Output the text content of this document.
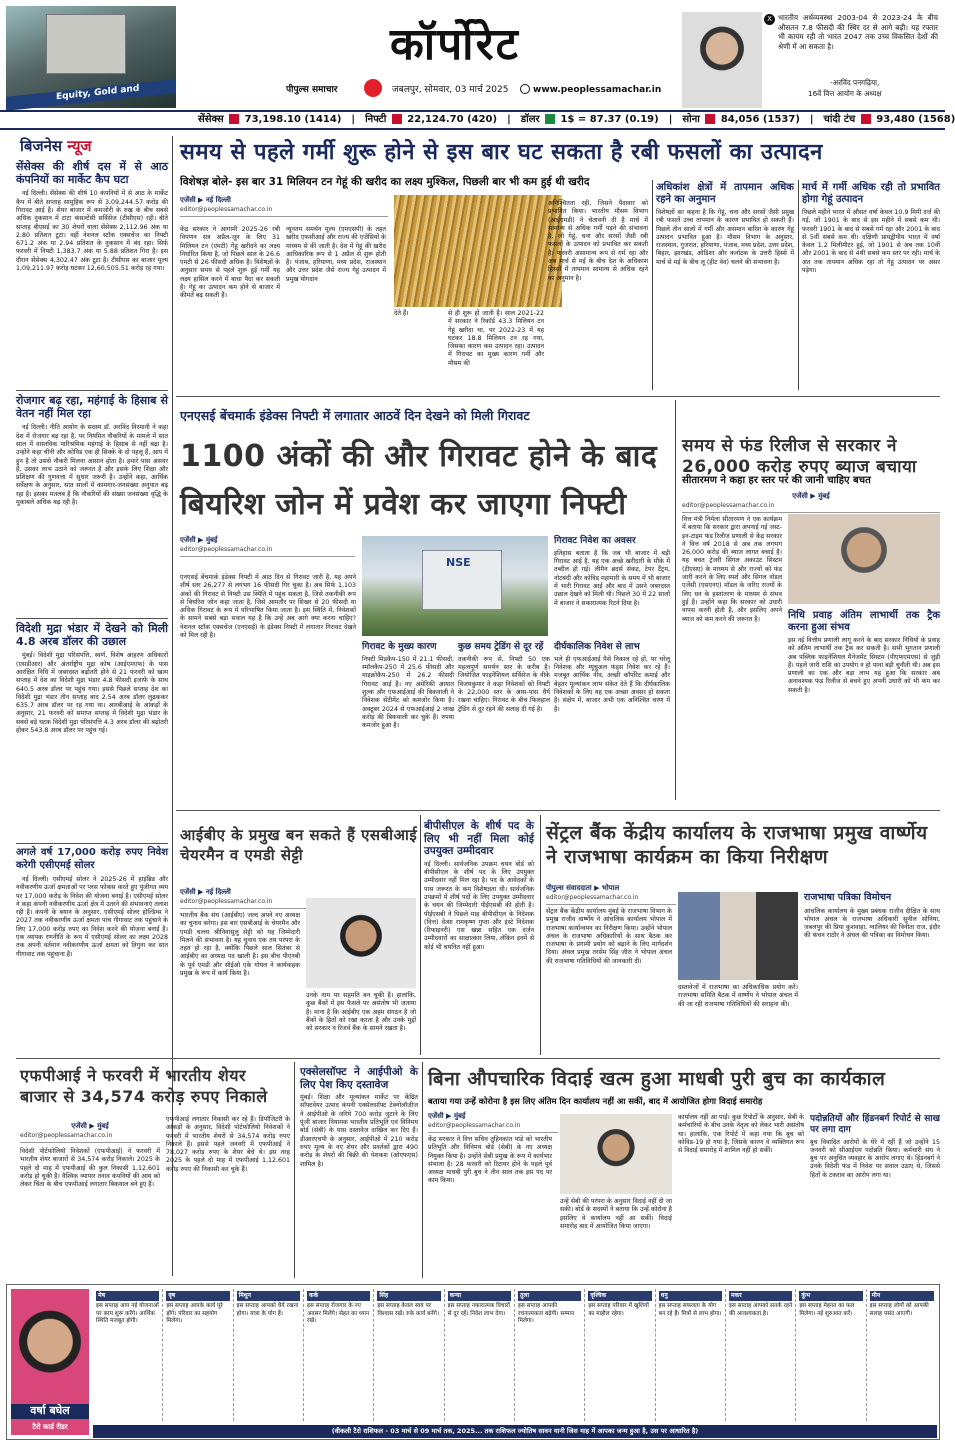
Equity, Gold and
कॉर्पोरेट
पीपुल्स समाचार	जबलपुर, सोमवार, 03 मार्च 2025	www.peoplessamachar.in
X भारतीय अर्थव्यवस्था 2003-04 से 2023-24 के बीच औसतन 7.8 फीसदी की स्थिर दर से आगे बढ़ी। यह रफ्तार भी कायम रही तो भारत 2047 तक उच्च विकसित देशों की श्रेणी में आ सकता है।
-अरविंद पनगढ़िया,
16वें वित्त आयोग के अध्यक्ष
सेंसेक्स 73,198.10 (1414) | निफ्टी 22,124.70 (420) | डॉलर 1$ = 87.37 (0.19) | सोना 84,056 (1537) | चांदी टंच 93,480 (1568)
बिजनेस न्यूज
सेंसेक्स की शीर्ष दस में से आठ कंपनियों का मार्केट कैप घटा

नई दिल्ली। सेंसेक्स की शीर्ष 10 कंपनियों में से आठ के मार्केट कैप में बीते सप्ताह सामूहिक रूप से 3,09,244.57 करोड़ की गिरावट आई है। शेयर बाजार में कमजोरी के रुख के बीच सबसे अधिक नुकसान में टाटा कंसल्टेंसी सर्विसेज (टीसीएस) रही। बीते सप्ताह बीएसई का 30 शेयरों वाला सेंसेक्स 2,112.96 अंक या 2.80 प्रतिशत टूटा। वहीं नेशनल स्टॉक एक्सचेंज का निफ्टी 671.2 अंक या 2.94 प्रतिशत के नुकसान में बंद रहा। सिर्फ फरवरी में निफ्टी 1,383.7 अंक या 5.88 प्रतिशत गिरा है। इस दौरान सेंसेक्स 4,302.47 अंक टूटा है। टीसीएस का बाजार मूल्य 1,09,211.97 करोड़ घटकर 12,60,505.51 करोड़ रह गया।

रोजगार बढ़ रहा, महंगाई के हिसाब से वेतन नहीं मिल रहा

नई दिल्ली। नीति आयोग के सदस्य डॉ. अरविंद विरमानी ने कहा देश में रोजगार बढ़ रहा है, पर नियमित नौकरियों के मामले में सात साल में वास्तविक पारिश्रमिक महंगाई के हिसाब से नहीं बढ़ा है। उन्होंने कहा चीनी और कोविड एक ही सिक्के के दो पहलू हैं, आप में हुन है तो उससे नौकरी मिलना आसान होता है। हमारे पास असवर हैं, उसका लाभ उठाने को जरूरत है और इसके लिए शिक्षा और प्रशिक्षण की गुणवत्ता में सुधार जरूरी है। उन्होंने कहा, आर्थिक सर्वेक्षण के अनुसार, सात सालों में कामगार-जनसंख्या अनुपात बढ़ रहा है। इसका मतलब है कि नौकरियों की संख्या जनसंख्या वृद्धि के मुकाबले अधिक बढ़ रही है।

विदेशी मुद्रा भंडार में देखने को मिली 4.8 अरब डॉलर की उछाल

मुंबई। विदेशी मुद्रा परिसंपत्ति, स्वर्ण, विशेष आहरण अधिकारों (एसडीआर) और अंतर्राष्ट्रीय मुद्रा कोष (आईएमएफ) के पास आरक्षित निधि में जबरदस्त बढ़ोतरी होने से 21 फरवरी को खत्म सप्ताह में देश का विदेशी मुद्रा भंडार 4.8 फीसदी इजाफे के साथ 640.5 अरब डॉलर पर पहुंच गया। इससे पिछले सप्ताह देश का विदेशी मुद्रा भंडार तीन सप्ताह बाद 2.54 अरब डॉलर लुढ़ककर 635.7 अरब डॉलर पर रह गया था। आरबीआई के आंकड़ों के अनुसार, 21 फरवरी को समाप्त सप्ताह में विदेशी मुद्रा भंडार के सबसे बड़े घटक विदेशी मुद्रा परिसंपत्ति 4.3 अरब डॉलर की बढ़ोतरी होकर 543.8 अरब डॉलर पर पहुंच गई।

अगले वर्ष 17,000 करोड़ रुपए निवेश करेगी एसीएमई सोलर

नई दिल्ली। एसीएमई सोलर ने 2025-26 में हाइब्रिड और नवीकरणीय ऊर्जा क्षमताओं पर प्लस फोकस करते हुए पूंजीगत व्यय पर 17,000 करोड़ के निवेश की योजना बनाई है। एसीएमई सोलर ने कहा कंपनी नवीकरणीय ऊर्जा क्षेत्र में उतरने की संभावनाएं तलाश रही है। कंपनी के बयान के अनुसार, एसीएमई सोलर होल्डिंग्स ने 2027 तक नवीकरणीय ऊर्जा क्षमता पांच गीगावाट तक पहुंचाने के लिए 17,000 करोड़ रुपए का निवेश करने की योजना बनाई है। एक व्यापक रणनीति के रूप में एसीएमई सोलर का लक्ष्य 2028 तक अपनी वर्तमान नवीकरणीय ऊर्जा क्षमता को तिगुना कर सात गीगावाट तक पहुंचाना है।

समय से पहले गर्मी शुरू होने से इस बार घट सकता है रबी फसलों का उत्पादन
विशेषज्ञ बोले- इस बार 31 मिलियन टन गेहूं की खरीद का लक्ष्य मुश्किल, पिछली बार भी कम हुई थी खरीद
एजेंसी ▶ नई दिल्ली
editor@peoplessamachar.co.in
केंद्र सरकार ने आगामी 2025-26 रबी विपणन सत्र अप्रैल-जून के लिए 31 मिलियन टन (एमटी) गेहूं खरीदने का लक्ष्य निर्धारित किया है, जो पिछले साल के 26.6 एमटी से 26 फीसदी अधिक है। विशेषज्ञों के अनुसार समय से पहले शुरू हुई गर्मी यह लक्ष्य हासिल करने में बाधा पैदा कर सकती है। गेहूं का उत्पादन कम होने से बाजार में कीमतें बढ़ सकती हैं।
न्यूनतम समर्थन मूल्य (एमएसपी) के तहत खरीद एफसीआई और राज्य की एजेंसियों के माध्यम से की जाती है। देश में गेहूं की खरीद आधिकारिक रूप से 1 अप्रैल से शुरू होती है। पंजाब, हरियाणा, मध्य प्रदेश, राजस्थान और उत्तर प्रदेश जैसे राज्य गेहूं उत्पादन में प्रमुख योगदान
देते हैं।	से ही शुरू हो जाती है। साल 2021-22 में सरकार ने रिकॉर्ड 43.3 मिलियन टन गेहूं खरीदा था, पर 2022-23 में यह घटकर 18.8 मिलियन टन रह गया, जिसका कारण कम उत्पादन रहा। उत्पादन में गिरावट का मुख्य कारण गर्मी और मौसम की
अनिश्चितता रही, जिसने पैदावार को प्रभावित किया। भारतीय मौसम विभाग (आईएमडी) ने चेतावनी दी है मार्च में सामान्य से अधिक गर्मी पड़ने की संभावना है, जो गेहूं, चना और सरसों जैसी रबी फसलों के उत्पादन को प्रभावित कर सकती है। फरवरी असामान्य रूप से गर्म रहा और अब मार्च से मई के बीच देश के अधिकांश हिस्सों में तापमान सामान्य से अधिक रहने का अनुमान है।
अधिकांश क्षेत्रों में तापमान अधिक रहने का अनुमान
विशेषज्ञों का कहना है कि गेहूं, चना और सरसों जैसी प्रमुख रबी फसलें उच्च तापमान के कारण प्रभावित हो सकती हैं। पिछले तीन सालों में गर्मी और असमान बारिश के कारण गेहूं उत्पादन प्रभावित हुआ है। मौसम विभाग के अनुसार, राजस्थान, गुजरात, हरियाणा, पंजाब, मध्य प्रदेश, उत्तर प्रदेश, बिहार, झारखंड, ओडिशा और कर्नाटक के उत्तरी हिस्से में मार्च से मई के बीच लू (हीट वेव) चलने की संभावना है।
मार्च में गर्मी अधिक रही तो प्रभावित होगा गेहूं उत्पादन
पिछले महीने भारत में औसत वर्षा केवल 10.9 मिमी दर्ज की गई, जो 1901 के बाद से इस महीने में सबसे कम थी। फरवरी 1901 के बाद से सबसे गर्म रहा और 2001 के बाद से 5वीं सबसे कम थी। दक्षिणी प्रायद्वीपीय भारत में वर्षा केवल 1.2 मिलीमीटर हुई, जो 1901 से अब तक 10वीं और 2001 के बाद से 4थी सबसे कम स्तर पर रही। मार्च के अंत तक तापमान अधिक रहा तो गेहूं उत्पादन पर असर पड़ेगा।
एनएसई बेंचमार्क इंडेक्स निफ्टी में लगातार आठवें दिन देखने को मिली गिरावट
1100 अंकों की और गिरावट होने के बाद
बियरिश जोन में प्रवेश कर जाएगा निफ्टी
एजेंसी ▶ मुंबई
editor@peoplessamachar.co.in
एनएसई बेंचमार्क इंडेक्स निफ्टी में आठ दिन से गिरावट जारी है, यह अपने शीर्ष स्तर 26,277 से लगभग 16 फीसदी गिर चुका है। अब सिर्फ 1,103 अंकों की गिरावट से निफ्टी उस स्थिति में पहुंच सकता है, जिसे तकनीकी रूप से बियरिश जोन कहा जाता है, जिसे आमतौर पर शिखर से 20 फीसदी या अधिक गिरावट के रूप में परिभाषित किया जाता है। इस स्थिति में, निवेशकों के सामने सबसे बड़ा सवाल यह है कि उन्हें अब आगे क्या करना चाहिए? नेशनल स्टॉक एक्सचेंज (एनएसई) के इंडेक्स निफ्टी में लगातार गिरावट देखने को मिल रही है।
NSE
गिरावट निवेश का अवसर
इतिहास बताता है कि जब भी बाजार में बड़ी गिरावट आई है, यह एक अच्छे खरीदारी के मौके में तब्दील हो गई। लीमैन ब्रदर्स संकट, टेपर टैंट्रम, नोटबंदी और कोविड महामारी के समय में भी बाजार में भारी गिरावट आई और बाद में उसने जबरदस्त उछाल देखने को मिली थी। पिछले 30 में 22 सालों में बाजार ने सकारात्मक रिटर्न दिया है।
गिरावट के मुख्य कारण
निफ्टी मिडकैप-150 में 21.1 फीसदी, स्मॉलकैप-250 में 25.6 फीसदी और माइक्रोकैप-250 में 26.2 फीसदी गिरावट आई है। नए अमेरिकी आयात शुल्क और एफआईआई की बिकवाली ने निवेशक सेंटीमेंट को कमजोर किया है। अक्टूबर 2024 से एफआईआई 2 लाख करोड़ की बिकवाली कर चुके हैं। रुपया कमजोर हुआ है।
कुछ समय ट्रेडिंग से दूर रहें
तकनीकी रूप से, निफ्टी 50 एक महत्वपूर्ण समर्थन स्तर के करीब है। जियोजित फाइनेंशियल सर्विसेज के वीके विजयकुमार ने कहा निवेशकों को निफ्टी के 22,000 स्तर के आस-पास धैर्य रखना चाहिए। गिरावट के बीच फिलहाल ट्रेडिंग से दूर रहने की सलाह दी गई है।
दीर्घकालिक निवेश से लाभ
भले ही एफआईआई पैसे निकाल रहे हों, पर घरेलू निवेशक और म्यूचुअल फंड्स निवेश कर रहे हैं। मजबूत आर्थिक नींव, अच्छी कॉर्पोरेट कमाई और बेहतर मूल्यांकन लाभ संकेत देते हैं कि दीर्घकालिक निवेशकों के लिए यह एक अच्छा अवसर हो सकता है। संक्षेप में, बाजार अभी एक अनिश्चित चरण में है।
समय से फंड रिलीज से सरकार ने 26,000 करोड़ रुपए ब्याज बचाया
सीतारमण ने कहा हर स्तर पर की जानी चाहिए बचत
एजेंसी ▶ मुंबई
editor@peoplessamachar.co.in
वित्त मंत्री निर्मला सीतारमण ने एक कार्यक्रम में बताया कि सरकार द्वारा अपनाई गई जस्ट-इन-टाइम फंड रिलीज प्रणाली से केंद्र सरकार ने वित्त वर्ष 2018 से अब तक लगभग 26,000 करोड़ की ब्याज लागत बचाई है। यह बचत ट्रेजरी सिंगल अकाउंट सिस्टम (टीएसए) के माध्यम से और राज्यों को फंड जारी करने के लिए स्पर्श और सिंगल नोडल एजेंसी (एसएनए) मॉडल के जरिए राज्यों के लिए धन के हस्तांतरण के माध्यम से संभव हुई है। उन्होंने कहा कि सरकार को उधारी वापस करनी होती है, और इसलिए अपने ब्याज को कम करने की जरूरत है।	निधि प्रवाह अंतिम लाभार्थी तक ट्रैक करना हुआ संभव
इस नई वित्तीय प्रणाली लागू करने के बाद सरकार निधियों के प्रवाह को अंतिम लाभार्थी तक ट्रैक कर सकती है। सभी भुगतान प्रणाली अब पब्लिक फाइनेंशियल मैनेजमेंट सिस्टम (पीएफएमएस) से जुड़ी हैं। पहले जारी राशि का उपयोग न हो पाना बड़ी चुनौती थी। अब इस प्रणाली का एक और बड़ा लाभ यह हुआ कि सरकार अब अनावश्यक फंड रिलीज से बचने हुए अपनी उधारी को भी कम कर सकती है।
आईबीए के प्रमुख बन सकते हैं एसबीआई चेयरमैन व एमडी सेट्टी
एजेंसी ▶ नई दिल्ली
editor@peoplessamachar.co.in
भारतीय बैंक संघ (आईबीए) जल्द अपने नए अध्यक्ष का चुनाव करेगा। इस बार एसबीआई के चेयरमैन और एमडी चल्ला श्रीनिवासुलु सेट्टी को यह जिम्मेदारी मिलने की संभावना है। यह चुनाव एक तय परंपरा के तहत हो रहा है, क्योंकि पिछले साल सितंबर से आईबीए का अध्यक्ष पद खाली है। इस बीच पीएनबी के पूर्व एमडी और सीईओ एके गोयल ने कार्यवाहक प्रमुख के रूप में कार्य किया है।
उनके नाम पर सहमति बन चुकी है। हालांकि, कुछ बैंकों में इस फैसले पर असंतोष भी जताया है। माना है कि आईबीए एक अहम संगठन है जो बैंकों के हितों को रखा करता है और उनके मुद्दों को सरकार व रिजर्व बैंक के सामने रखता है।
बीपीसीएल के शीर्ष पद के लिए भी नहीं मिला कोई उपयुक्त उम्मीदवार
नई दिल्ली। सार्वजनिक उपक्रम चयन बोर्ड को बीपीसीएल के शीर्ष पद के लिए उपयुक्त उम्मीदवार नहीं मिल रहा है। पद के आवेदकों के पास जरूरत के कम विशेषज्ञता थी। सार्वजनिक उपक्रमों में शीर्ष पदों के लिए उपयुक्त उम्मीदवार के चयन की जिम्मेदारी पीईएसबी की होती है। पीईएसबी ने पिछले माह बीपीसीएल के निदेशक (वित्त) वेत्सा रामकृष्ण गुप्ता और इंस्टे निदेशक (रिफाइनरी) एस खन्ना सहित एक दर्जन उम्मीदवारों का साक्षात्कार लिया, लेकिन इनमें से कोई भी चयनित नहीं हुआ।
सेंट्रल बैंक केंद्रीय कार्यालय के राजभाषा प्रमुख वार्ष्णेय ने राजभाषा कार्यक्रम का किया निरीक्षण
पीपुल्स संवाददाता ▶ भोपाल
editor@peoplessamachar.co.in
सेंट्रल बैंक केंद्रीय कार्यालय मुंबई के राजभाषा विभाग के प्रमुख राजीव वार्ष्णेय ने आंचलिक कार्यालय भोपाल में राजभाषा कार्यान्वयन का निरीक्षण किया। उन्होंने भोपाल अंचल के राजभाषा अधिकारियों के साथ बैठक कर राजभाषा के प्रगामी प्रयोग को बढ़ाने के लिए मार्गदर्शन दिया। अंचल प्रमुख तरसेम सिंह जीरा ने भोपाल अंचल की राजभाषा गतिविधियों की जानकारी दी।
दस्तावेजों में राजभाषा का अधिकाधिक प्रयोग करें। राजभाषा समिति बैठक में वार्ष्णेय ने भोपाल अंचल में की जा रही राजभाषा गतिविधियों की सराहना की।
राजभाषा पत्रिका विमोचन
आंचलिक कार्यालय के मुख्य प्रबंधक राजीव दीक्षित के साथ भोपाल अंचल के राजभाषा अधिकारी सुनील सोनिया, जबलपुर की प्रिया कुशवाहा, ग्वालियर की विनीता राज, इंदौर की कंचन राठौर ने अंचल की पत्रिका का विमोचन किया।
एफपीआई ने फरवरी में भारतीय शेयर बाजार से 34,574 करोड़ रुपए निकाले
एजेंसी ▶ मुंबई
editor@peoplessamachar.co.in
विदेशी पोर्टफोलियो निवेशकों (एफपीआई) ने फरवरी में भारतीय शेयर बाजारों से 34,574 करोड़ निकाले। 2025 के पहले दो माह में एफपीआई की कुल निकासी 1,12,601 करोड़ हो चुकी है। वैश्विक व्यापार तनाव कंपनियों की आय को लेकर चिंता के बीच एफपीआई लगातार बिकवाल बने हुए हैं।
एफपीआई लगातार निकासी कर रहे हैं। डिपॉजिटरी के आंकड़ों के अनुसार, विदेशी पोर्टफोलियो निवेशकों ने फरवरी में भारतीय शेयरों से 34,574 करोड़ रुपए निकाले हैं। इससे पहले जनवरी में एफपीआई ने 78,027 करोड़ रुपए के शेयर बेचे थे। इस तरह 2025 के पहले दो माह में एफपीआई 1,12,601 करोड़ रुपए की निकासी कर चुके हैं।
एक्सेलसॉफ्ट ने आईपीओ के लिए पेश किए दस्तावेज
मुंबई। शिक्षा और मूल्यांकन मार्केट पर केंद्रित सॉफ्टवेयर उत्पाद कंपनी एक्सेलसॉफ्ट टेक्नोलॉजीज ने आईपीओ के जरिये 700 करोड़ जुटाने के लिए पूंजी बाजार नियामक भारतीय प्रतिभूति एवं विनिमय बोर्ड (सेबी) के पास दस्तावेज दाखिल कर दिए हैं। डीआरएचपी के अनुसार, आईपीओ में 210 करोड़ रुपए मूल्य के नए शेयर और प्रवर्तकों द्वारा 490 करोड़ के शेयरों की बिक्री की पेशकश (ओएफएस) शामिल है।
बिना औपचारिक विदाई खत्म हुआ माधबी पुरी बुच का कार्यकाल
बताया गया उन्हें कोरोना है इस लिए अंतिम दिन कार्यालय नहीं आ सकीं, बाद में आयोजित होगा विदाई समारोह
एजेंसी ▶ मुंबई
editor@peoplessamachar.co.in
केंद्र सरकार ने वित्त सचिव तुहिनकांत पांडे को भारतीय प्रतिभूति और विनिमय बोर्ड (सेबी) के नए अध्यक्ष नियुक्त किया है। उन्होंने सेबी प्रमुख के रूप में कार्यभार संभाला है। 28 फरवरी को रिटायर होने के पहले पूर्व अध्यक्ष माधबी पुरी बुच ने तीन साल तक इस पद पर काम किया।
उन्हें सेबी की परंपरा के अनुसार विदाई नहीं दी जा सकी। बोर्ड के सदस्यों ने बताया कि उन्हें कोरोना है इसलिए वे कार्यालय नहीं आ सकीं। विदाई समारोह बाद में आयोजित किया जाएगा।
कार्यालय नहीं आ पाईं। कुछ रिपोर्टों के अनुसार, सेबी के कर्मचारियों के बीच उनके नेतृत्व को लेकर भारी असंतोष था। हालांकि, एक रिपोर्ट में कहा गया कि बुच को कोविड-19 हो गया है, जिसके कारण वे व्यक्तिगत रूप से विदाई समारोह में शामिल नहीं हो सकीं।
पदोन्नतियों और हिंडनबर्ग रिपोर्ट से साख पर लगा दाग
बुच विवादित आरोपों के घेरे में रहीं हैं जो उन्होंने 15 जनवरी को सीआईएम पदोन्नति किया। कर्मचारी संघ ने बुच पर अनुचित व्यवहार के आरोप लगाए थे। हिंडनबर्ग ने उनके विदेशी फंड में निवेश पर सवाल उठाए थे, जिससे हितों के टकराव का आरोप लगा था।
वर्षा बघेल
टैरो कार्ड रीडर
मेष
इस सप्ताह आप नई योजनाओं पर काम शुरू करेंगे। आर्थिक स्थिति मजबूत होगी।
वृष
इस सप्ताह आपके कार्य पूरे होंगे। परिवार का सहयोग मिलेगा।
मिथुन
इस सप्ताह आपको धैर्य रखना होगा। यात्रा के योग हैं।
कर्क
इस सप्ताह रोजगार के नए अवसर मिलेंगे। सेहत का ध्यान रखें।
सिंह
इस सप्ताह केवल स्वयं पर विश्वास रखें। रुके कार्य बनेंगे।
कन्या
इस सप्ताह नकारात्मक विचारों से दूर रहें। निवेश लाभ देगा।
तुला
इस सप्ताह आपकी रचनात्मकता बढ़ेगी। सम्मान मिलेगा।
वृश्चिक
इस सप्ताह परिवार में खुशियों का माहौल रहेगा।
धनु
इस सप्ताह सफलता के योग बन रहे हैं। मित्रों से लाभ होगा।
मकर
इस सप्ताह आपको सतर्क रहने की आवश्यकता है।
कुंभ
इस सप्ताह मेहनत का फल मिलेगा। नई शुरुआत करें।
मीन
इस सप्ताह लोगों को आपकी सलाह पसंद आएगी।
(वीकली टैरो राशिफल - 03 मार्च से 09 मार्च तक, 2025... तक राशिफल ज्योतिष सावन यानी जिस माह में आपका जन्म हुआ है, उस पर आधारित है)
